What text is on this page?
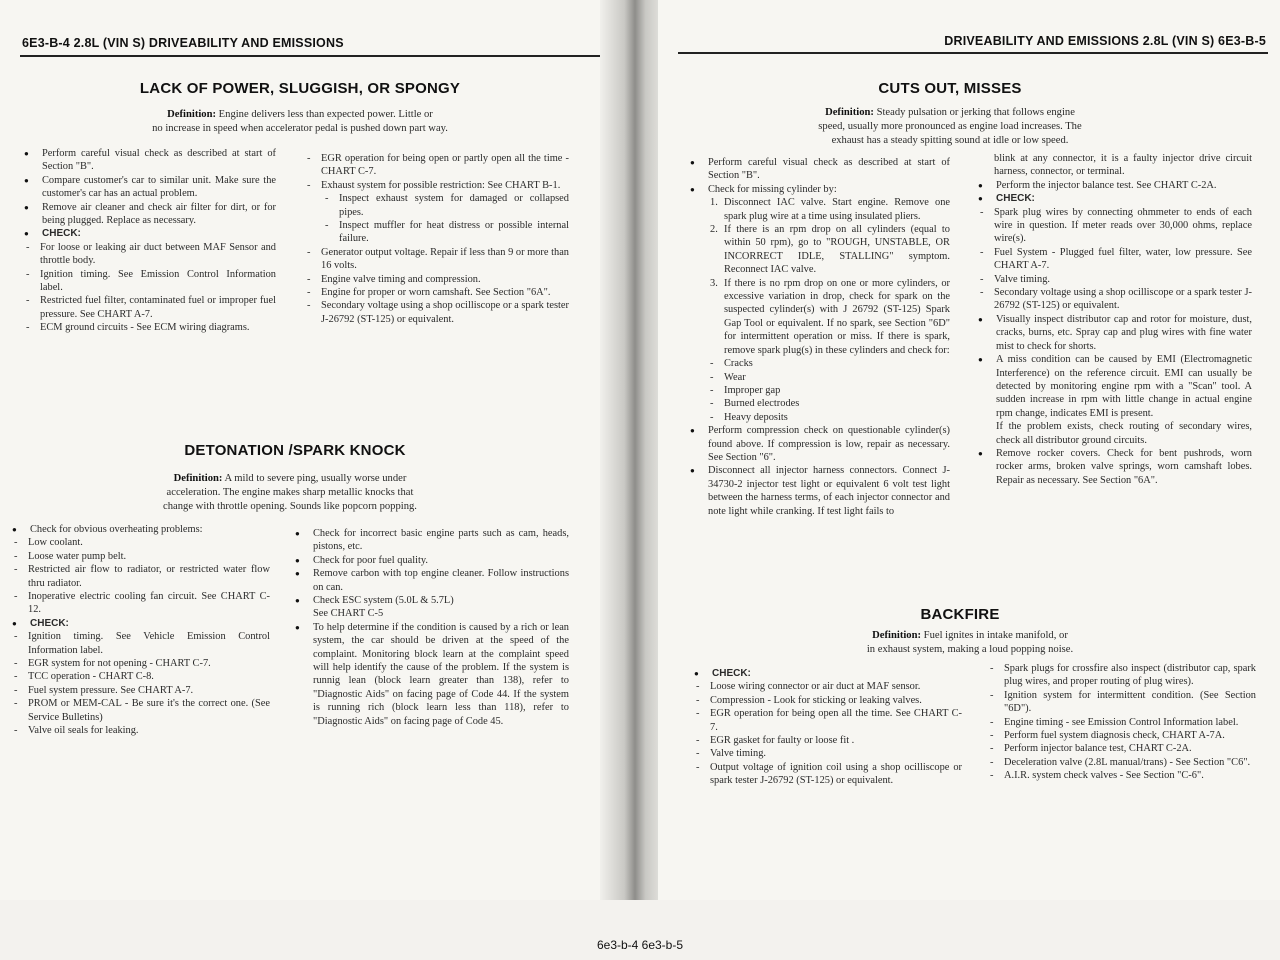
6E3-B-4 2.8L (VIN S) DRIVEABILITY AND EMISSIONS
LACK OF POWER, SLUGGISH, OR SPONGY
Definition: Engine delivers less than expected power. Little or
no increase in speed when accelerator pedal is pushed down part way.

● Perform careful visual check as described at start of Section "B".

● Compare customer's car to similar unit. Make sure the customer's car has an actual problem.

● Remove air cleaner and check air filter for dirt, or for being plugged. Replace as necessary.

● CHECK:

- For loose or leaking air duct between MAF Sensor and throttle body.

- Ignition timing. See Emission Control Information label.

- Restricted fuel filter, contaminated fuel or improper fuel pressure. See CHART A-7.

- ECM ground circuits - See ECM wiring diagrams.

- EGR operation for being open or partly open all the time - CHART C-7.

- Exhaust system for possible restriction: See CHART B-1.

- Inspect exhaust system for damaged or collapsed pipes.

- Inspect muffler for heat distress or possible internal failure.

- Generator output voltage. Repair if less than 9 or more than 16 volts.

- Engine valve timing and compression.

- Engine for proper or worn camshaft. See Section "6A".

- Secondary voltage using a shop ocilliscope or a spark tester J-26792 (ST-125) or equivalent.

DETONATION /SPARK KNOCK
Definition: A mild to severe ping, usually worse under
acceleration. The engine makes sharp metallic knocks that
change with throttle opening. Sounds like popcorn popping.

● Check for obvious overheating problems:

- Low coolant.

- Loose water pump belt.

- Restricted air flow to radiator, or restricted water flow thru radiator.

- Inoperative electric cooling fan circuit. See CHART C-12.

● CHECK:

- Ignition timing. See Vehicle Emission Control Information label.

- EGR system for not opening - CHART C-7.

- TCC operation - CHART C-8.

- Fuel system pressure. See CHART A-7.

- PROM or MEM-CAL - Be sure it's the correct one. (See Service Bulletins)

- Valve oil seals for leaking.

● Check for incorrect basic engine parts such as cam, heads, pistons, etc.

● Check for poor fuel quality.

● Remove carbon with top engine cleaner. Follow instructions on can.

● Check ESC system (5.0L & 5.7L)

See CHART C-5

● To help determine if the condition is caused by a rich or lean system, the car should be driven at the speed of the complaint. Monitoring block learn at the complaint speed will help identify the cause of the problem. If the system is runnig lean (block learn greater than 138), refer to "Diagnostic Aids" on facing page of Code 44. If the system is running rich (block learn less than 118), refer to "Diagnostic Aids" on facing page of Code 45.

DRIVEABILITY AND EMISSIONS 2.8L (VIN S) 6E3-B-5
CUTS OUT, MISSES
Definition: Steady pulsation or jerking that follows engine
speed, usually more pronounced as engine load increases. The
exhaust has a steady spitting sound at idle or low speed.

● Perform careful visual check as described at start of Section "B".

● Check for missing cylinder by:

1. Disconnect IAC valve. Start engine. Remove one spark plug wire at a time using insulated pliers.

2. If there is an rpm drop on all cylinders (equal to within 50 rpm), go to "ROUGH, UNSTABLE, OR INCORRECT IDLE, STALLING" symptom. Reconnect IAC valve.

3. If there is no rpm drop on one or more cylinders, or excessive variation in drop, check for spark on the suspected cylinder(s) with J 26792 (ST-125) Spark Gap Tool or equivalent. If no spark, see Section "6D" for intermittent operation or miss. If there is spark, remove spark plug(s) in these cylinders and check for:

- Cracks

- Wear

- Improper gap

- Burned electrodes

- Heavy deposits

● Perform compression check on questionable cylinder(s) found above. If compression is low, repair as necessary. See Section "6".

● Disconnect all injector harness connectors. Connect J-34730-2 injector test light or equivalent 6 volt test light between the harness terms, of each injector connector and note light while cranking. If test light fails to

blink at any connector, it is a faulty injector drive circuit harness, connector, or terminal.

● Perform the injector balance test. See CHART C-2A.

● CHECK:

- Spark plug wires by connecting ohmmeter to ends of each wire in question. If meter reads over 30,000 ohms, replace wire(s).

- Fuel System - Plugged fuel filter, water, low pressure. See CHART A-7.

- Valve timing.

- Secondary voltage using a shop ocilliscope or a spark tester J-26792 (ST-125) or equivalent.

● Visually inspect distributor cap and rotor for moisture, dust, cracks, burns, etc. Spray cap and plug wires with fine water mist to check for shorts.

● A miss condition can be caused by EMI (Electromagnetic Interference) on the reference circuit. EMI can usually be detected by monitoring engine rpm with a "Scan" tool. A sudden increase in rpm with little change in actual engine rpm change, indicates EMI is present.

If the problem exists, check routing of secondary wires, check all distributor ground circuits.

● Remove rocker covers. Check for bent pushrods, worn rocker arms, broken valve springs, worn camshaft lobes. Repair as necessary. See Section "6A".

BACKFIRE
Definition: Fuel ignites in intake manifold, or
in exhaust system, making a loud popping noise.

● CHECK:

- Loose wiring connector or air duct at MAF sensor.

- Compression - Look for sticking or leaking valves.

- EGR operation for being open all the time. See CHART C-7.

- EGR gasket for faulty or loose fit .

- Valve timing.

- Output voltage of ignition coil using a shop ocilliscope or spark tester J-26792 (ST-125) or equivalent.

- Spark plugs for crossfire also inspect (distributor cap, spark plug wires, and proper routing of plug wires).

- Ignition system for intermittent condition. (See Section "6D").

- Engine timing - see Emission Control Information label.

- Perform fuel system diagnosis check, CHART A-7A.

- Perform injector balance test, CHART C-2A.

- Deceleration valve (2.8L manual/trans) - See Section "C6".

- A.I.R. system check valves - See Section "C-6".

6e3-b-4 6e3-b-5
